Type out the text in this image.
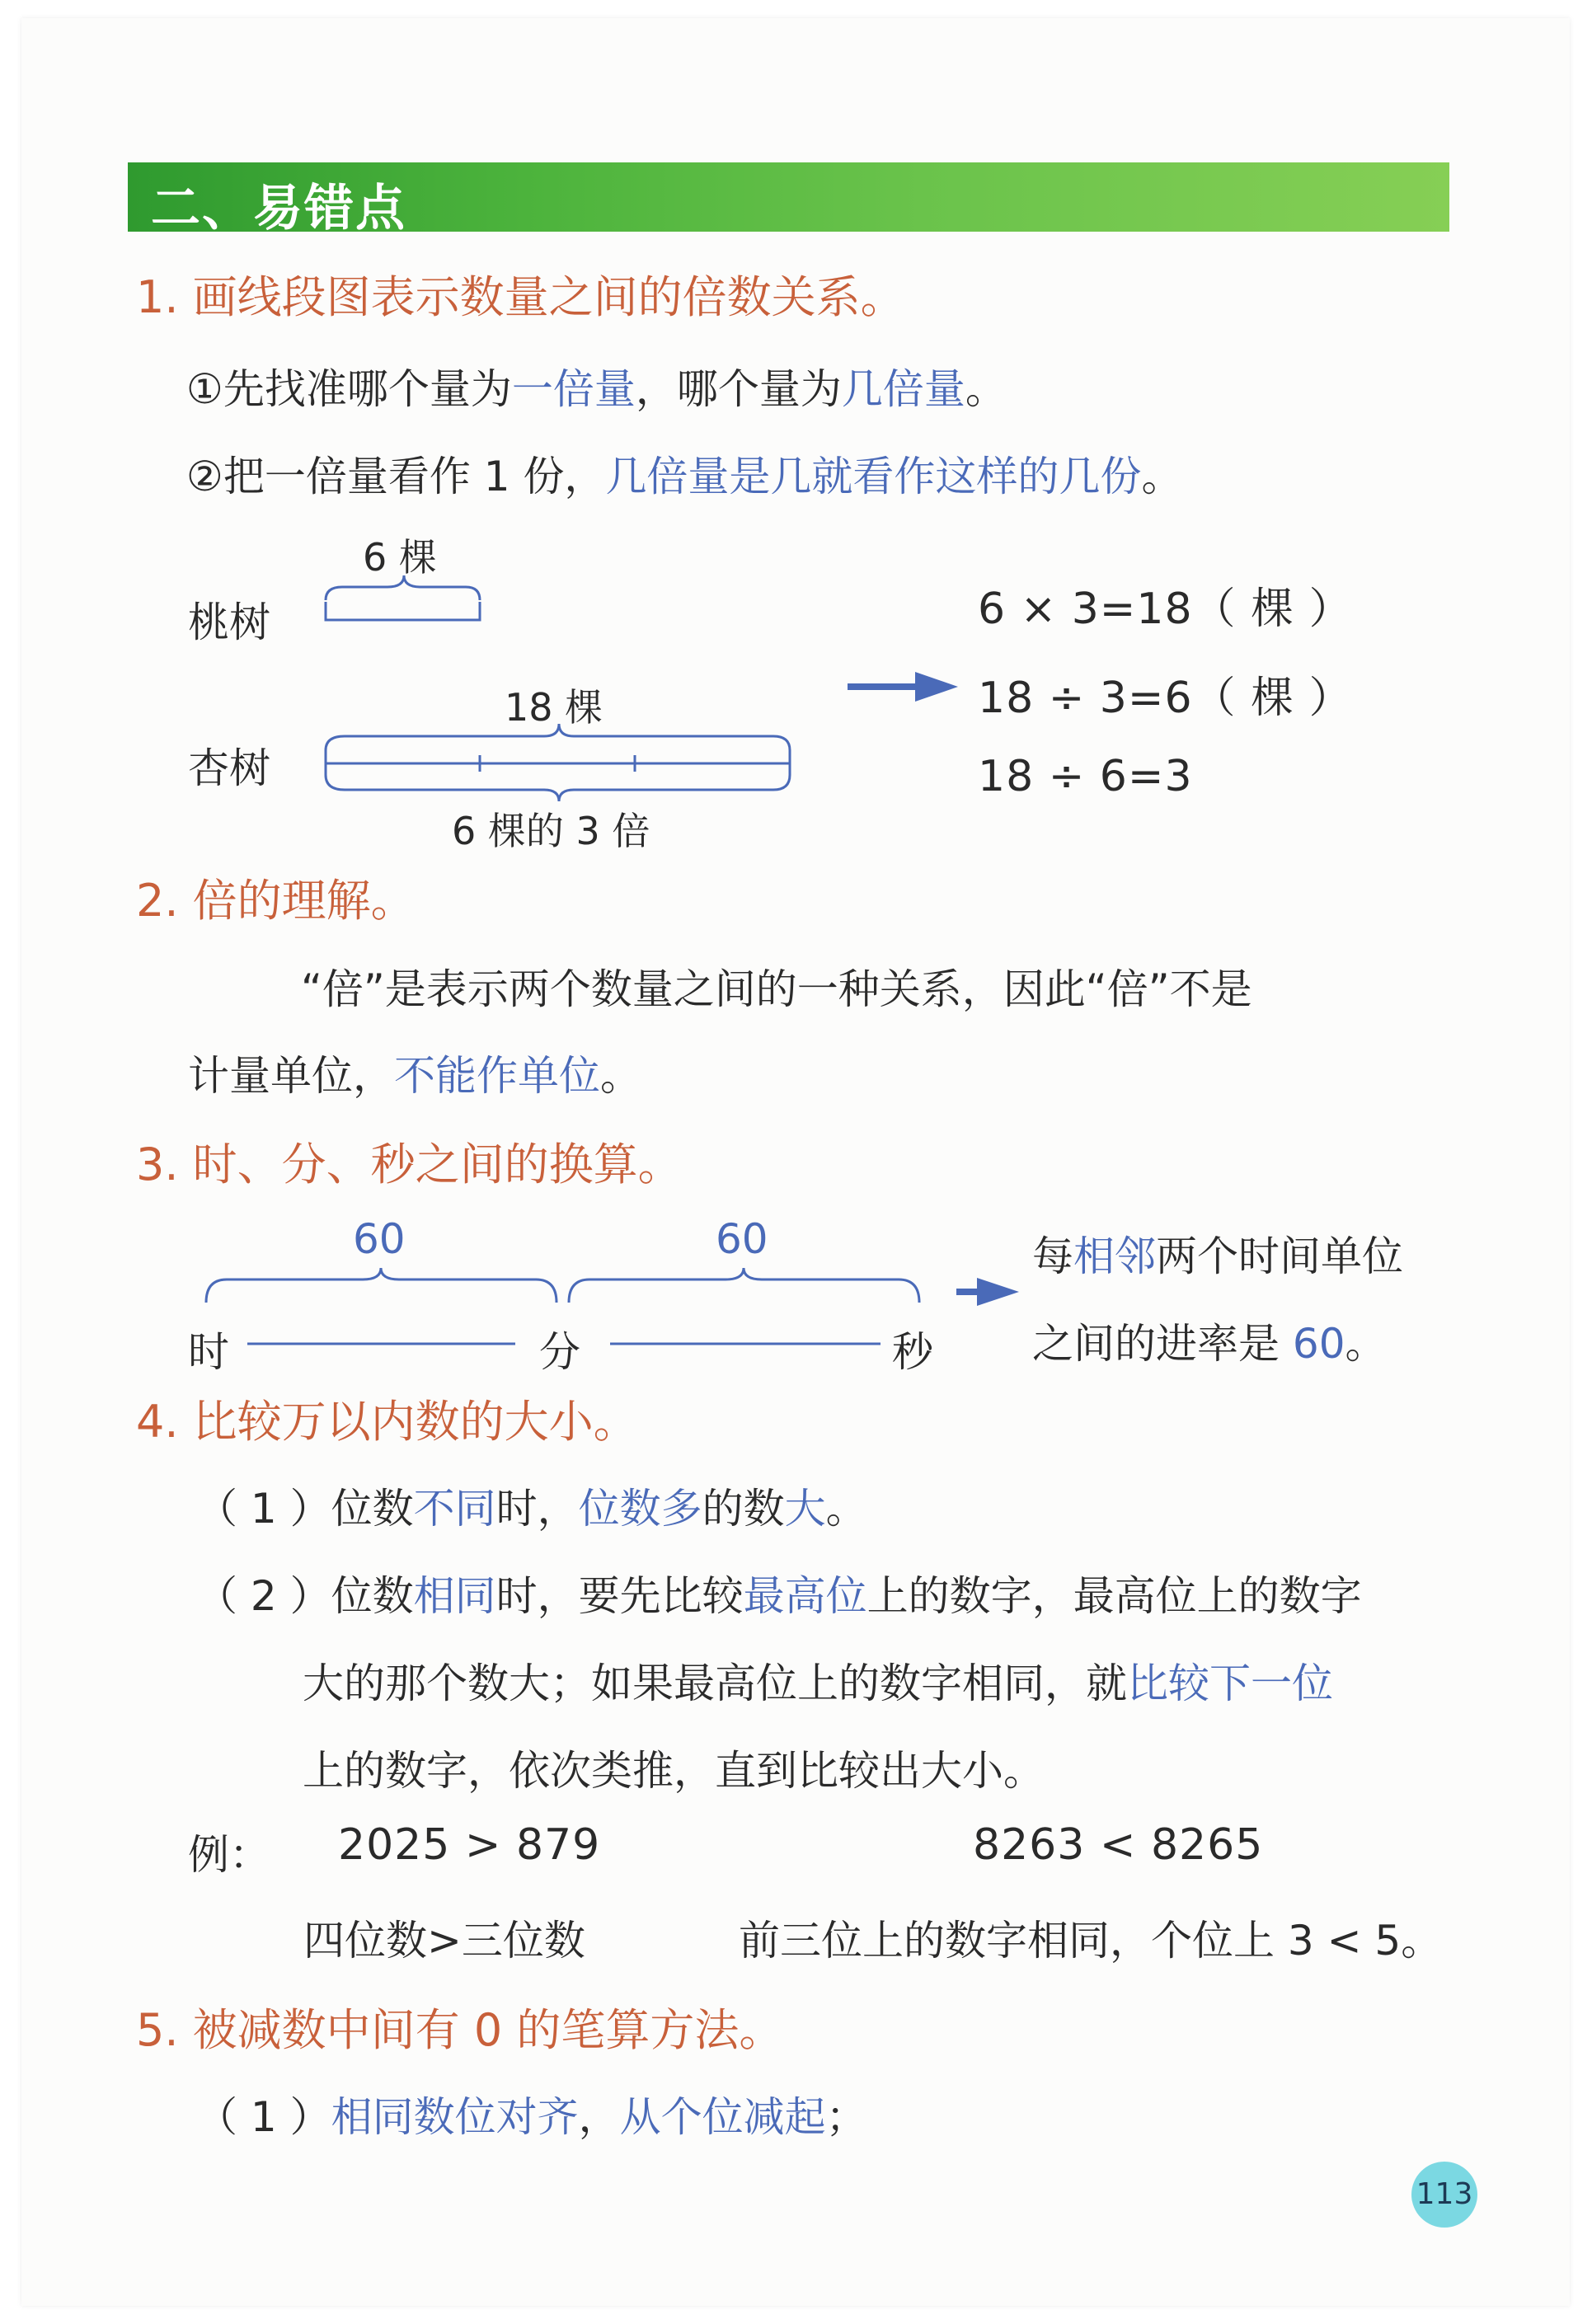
二、易错点
1. 画线段图表示数量之间的倍数关系。
①先找准哪个量为一倍量，哪个量为几倍量。
②把一倍量看作 1 份，几倍量是几就看作这样的几份。
桃树
6 棵
杏树
18 棵
6 棵的 3 倍
6 × 3=18（ 棵 ）
18 ÷ 3=6（ 棵 ）
18 ÷ 6=3
2. 倍的理解。
“倍”是表示两个数量之间的一种关系，因此“倍”不是
计量单位，不能作单位。
3. 时、分、秒之间的换算。
60	60
时	分	秒
每相邻两个时间单位
之间的进率是 60。
4. 比较万以内数的大小。
（ 1 ）位数不同时，位数多的数大。
（ 2 ）位数相同时，要先比较最高位上的数字，最高位上的数字
大的那个数大；如果最高位上的数字相同，就比较下一位
上的数字，依次类推，直到比较出大小。
例： 2025 > 879	8263 < 8265
四位数>三位数	前三位上的数字相同，个位上 3 < 5。
5. 被减数中间有 0 的笔算方法。
（ 1 ）相同数位对齐，从个位减起；
113
